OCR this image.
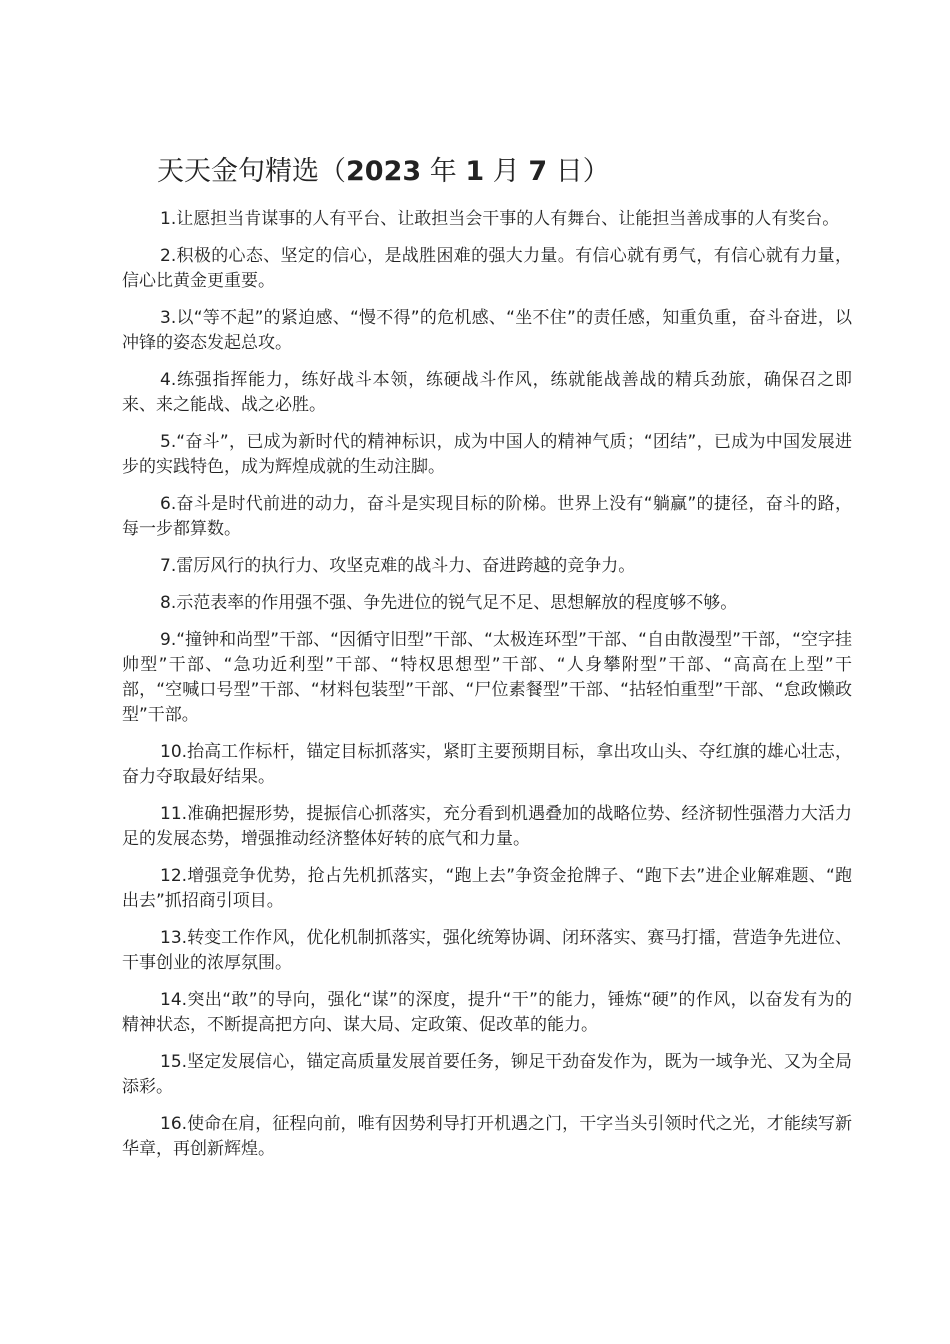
天天金句精选（2023 年 1 月 7 日）

1.让愿担当肯谋事的人有平台、让敢担当会干事的人有舞台、让能担当善成事的人有奖台。

2.积极的心态、坚定的信心，是战胜困难的强大力量。有信心就有勇气，有信心就有力量，信心比黄金更重要。

3.以“等不起”的紧迫感、“慢不得”的危机感、“坐不住”的责任感，知重负重，奋斗奋进，以冲锋的姿态发起总攻。

4.练强指挥能力，练好战斗本领，练硬战斗作风，练就能战善战的精兵劲旅，确保召之即来、来之能战、战之必胜。

5.“奋斗”，已成为新时代的精神标识，成为中国人的精神气质；“团结”，已成为中国发展进步的实践特色，成为辉煌成就的生动注脚。

6.奋斗是时代前进的动力，奋斗是实现目标的阶梯。世界上没有“躺赢”的捷径，奋斗的路，每一步都算数。

7.雷厉风行的执行力、攻坚克难的战斗力、奋进跨越的竞争力。

8.示范表率的作用强不强、争先进位的锐气足不足、思想解放的程度够不够。

9.“撞钟和尚型”干部、“因循守旧型”干部、“太极连环型”干部、“自由散漫型”干部，“空字挂帅型”干部、“急功近利型”干部、“特权思想型”干部、“人身攀附型”干部、“高高在上型”干部，“空喊口号型”干部、“材料包装型”干部、“尸位素餐型”干部、“拈轻怕重型”干部、“怠政懒政型”干部。

10.抬高工作标杆，锚定目标抓落实，紧盯主要预期目标，拿出攻山头、夺红旗的雄心壮志，奋力夺取最好结果。

11.准确把握形势，提振信心抓落实，充分看到机遇叠加的战略位势、经济韧性强潜力大活力足的发展态势，增强推动经济整体好转的底气和力量。

12.增强竞争优势，抢占先机抓落实，“跑上去”争资金抢牌子、“跑下去”进企业解难题、“跑出去”抓招商引项目。

13.转变工作作风，优化机制抓落实，强化统筹协调、闭环落实、赛马打擂，营造争先进位、干事创业的浓厚氛围。

14.突出“敢”的导向，强化“谋”的深度，提升“干”的能力，锤炼“硬”的作风，以奋发有为的精神状态，不断提高把方向、谋大局、定政策、促改革的能力。

15.坚定发展信心，锚定高质量发展首要任务，铆足干劲奋发作为，既为一域争光、又为全局添彩。

16.使命在肩，征程向前，唯有因势利导打开机遇之门，干字当头引领时代之光，才能续写新华章，再创新辉煌。
